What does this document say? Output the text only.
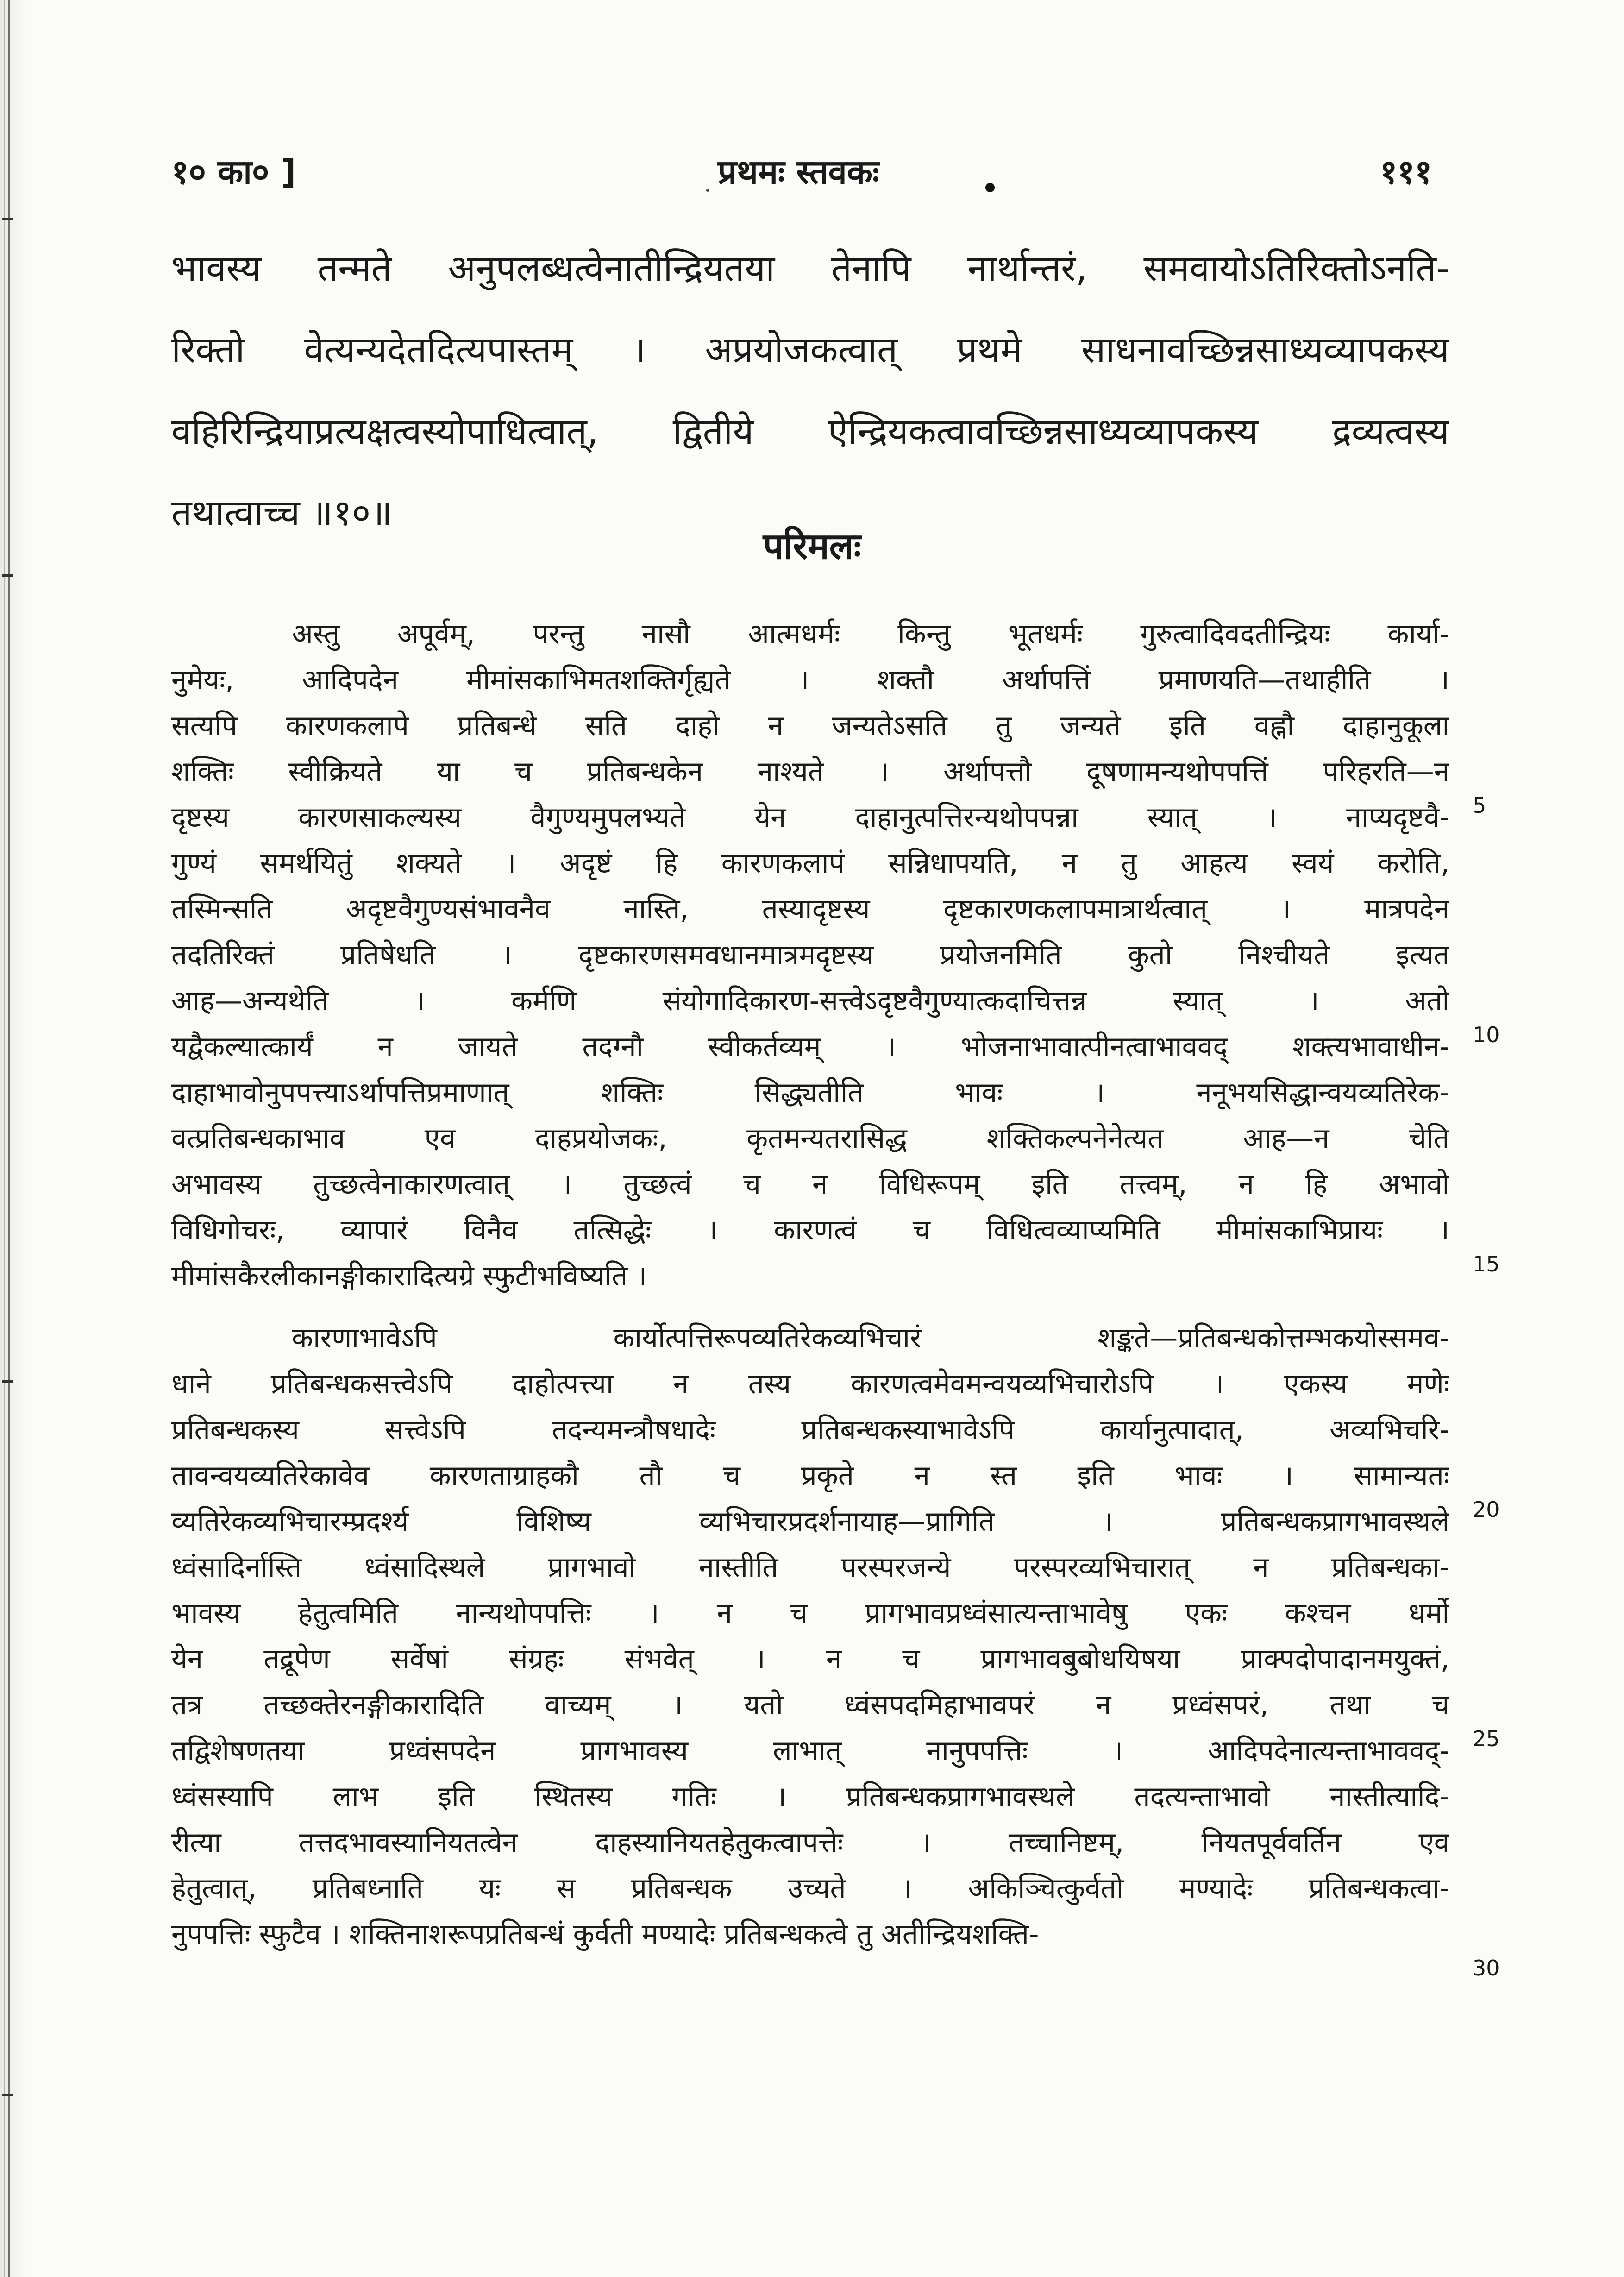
१० का० ]	प्रथमः स्तवकः	१११
भावस्य तन्मते अनुपलब्धत्वेनातीन्द्रियतया तेनापि नार्थान्तरं, समवायोऽतिरिक्तोऽनति-
रिक्तो वेत्यन्यदेतदित्यपास्तम् । अप्रयोजकत्वात् प्रथमे साधनावच्छिन्नसाध्यव्यापकस्य
वहिरिन्द्रियाप्रत्यक्षत्वस्योपाधित्वात्, द्वितीये ऐन्द्रियकत्वावच्छिन्नसाध्यव्यापकस्य द्रव्यत्वस्य
तथात्वाच्च ॥१०॥
परिमलः
अस्तु अपूर्वम्, परन्तु नासौ आत्मधर्मः किन्तु भूतधर्मः गुरुत्वादिवदतीन्द्रियः कार्या-
नुमेयः, आदिपदेन मीमांसकाभिमतशक्तिर्गृह्यते । शक्तौ अर्थापत्तिं प्रमाणयति—तथाहीति ।
सत्यपि कारणकलापे प्रतिबन्धे सति दाहो न जन्यतेऽसति तु जन्यते इति वह्नौ दाहानुकूला
शक्तिः स्वीक्रियते या च प्रतिबन्धकेन नाश्यते । अर्थापत्तौ दूषणामन्यथोपपत्तिं परिहरति—न
दृष्टस्य कारणसाकल्यस्य वैगुण्यमुपलभ्यते येन दाहानुत्पत्तिरन्यथोपपन्ना स्यात् । नाप्यदृष्टवै-
गुण्यं समर्थयितुं शक्यते । अदृष्टं हि कारणकलापं सन्निधापयति, न तु आहत्य स्वयं करोति,
तस्मिन्सति अदृष्टवैगुण्यसंभावनैव नास्ति, तस्यादृष्टस्य दृष्टकारणकलापमात्रार्थत्वात् । मात्रपदेन
तदतिरिक्तं प्रतिषेधति । दृष्टकारणसमवधानमात्रमदृष्टस्य प्रयोजनमिति कुतो निश्चीयते इत्यत
आह—अन्यथेति । कर्मणि संयोगादिकारण-सत्त्वेऽदृष्टवैगुण्यात्कदाचित्तन्न स्यात् । अतो
यद्वैकल्यात्कार्यं न जायते तदग्नौ स्वीकर्तव्यम् । भोजनाभावात्पीनत्वाभाववद् शक्त्यभावाधीन-
दाहाभावोनुपपत्त्याऽर्थापत्तिप्रमाणात् शक्तिः सिद्ध्यतीति भावः । ननूभयसिद्धान्वयव्यतिरेक-
वत्प्रतिबन्धकाभाव एव दाहप्रयोजकः, कृतमन्यतरासिद्ध शक्तिकल्पनेनेत्यत आह—न चेति
अभावस्य तुच्छत्वेनाकारणत्वात् । तुच्छत्वं च न विधिरूपम् इति तत्त्वम्, न हि अभावो
विधिगोचरः, व्यापारं विनैव तत्सिद्धेः । कारणत्वं च विधित्वव्याप्यमिति मीमांसकाभिप्रायः ।
मीमांसकैरलीकानङ्गीकारादित्यग्रे स्फुटीभविष्यति ।
कारणाभावेऽपि कार्योत्पत्तिरूपव्यतिरेकव्यभिचारं शङ्कते—प्रतिबन्धकोत्तम्भकयोस्समव-
धाने प्रतिबन्धकसत्त्वेऽपि दाहोत्पत्त्या न तस्य कारणत्वमेवमन्वयव्यभिचारोऽपि । एकस्य मणेः
प्रतिबन्धकस्य सत्त्वेऽपि तदन्यमन्त्रौषधादेः प्रतिबन्धकस्याभावेऽपि कार्यानुत्पादात्, अव्यभिचरि-
तावन्वयव्यतिरेकावेव कारणताग्राहकौ तौ च प्रकृते न स्त इति भावः । सामान्यतः
व्यतिरेकव्यभिचारम्प्रदर्श्य विशिष्य व्यभिचारप्रदर्शनायाह—प्रागिति । प्रतिबन्धकप्रागभावस्थले
ध्वंसादिर्नास्ति ध्वंसादिस्थले प्रागभावो नास्तीति परस्परजन्ये परस्परव्यभिचारात् न प्रतिबन्धका-
भावस्य हेतुत्वमिति नान्यथोपपत्तिः । न च प्रागभावप्रध्वंसात्यन्ताभावेषु एकः कश्चन धर्मो
येन तद्रूपेण सर्वेषां संग्रहः संभवेत् । न च प्रागभावबुबोधयिषया प्राक्पदोपादानमयुक्तं,
तत्र तच्छक्तेरनङ्गीकारादिति वाच्यम् । यतो ध्वंसपदमिहाभावपरं न प्रध्वंसपरं, तथा च
तद्विशेषणतया प्रध्वंसपदेन प्रागभावस्य लाभात् नानुपपत्तिः । आदिपदेनात्यन्ताभाववद्-
ध्वंसस्यापि लाभ इति स्थितस्य गतिः । प्रतिबन्धकप्रागभावस्थले तदत्यन्ताभावो नास्तीत्यादि-
रीत्या तत्तदभावस्यानियतत्वेन दाहस्यानियतहेतुकत्वापत्तेः । तच्चानिष्टम्, नियतपूर्ववर्तिन एव
हेतुत्वात्, प्रतिबध्नाति यः स प्रतिबन्धक उच्यते । अकिञ्चित्कुर्वतो मण्यादेः प्रतिबन्धकत्वा-
नुपपत्तिः स्फुटैव । शक्तिनाशरूपप्रतिबन्धं कुर्वती मण्यादेः प्रतिबन्धकत्वे तु अतीन्द्रियशक्ति-
5
10
15
20
25
30
